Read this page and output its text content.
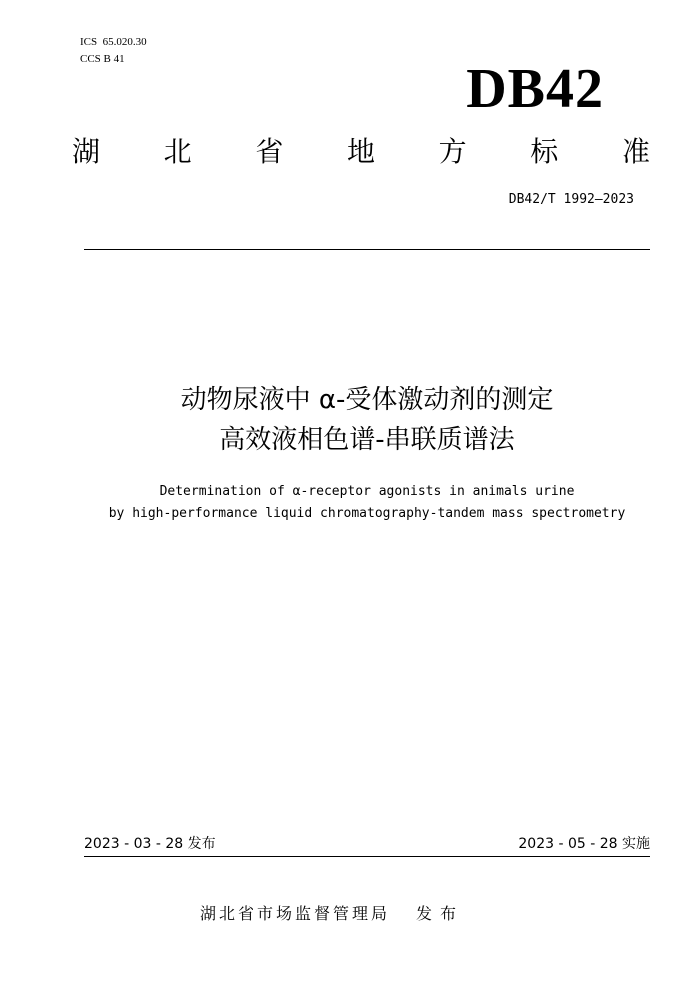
ICS 65.020.30
CCS B 41	DB42
湖 北 省 地 方 标 准
DB42/T 1992—2023
动物尿液中 α-受体激动剂的测定
高效液相色谱-串联质谱法
Determination of α-receptor agonists in animals urine
by high-performance liquid chromatography-tandem mass spectrometry
2023 - 03 - 28 发布	2023 - 05 - 28 实施
湖北省市场监督管理局 发布
